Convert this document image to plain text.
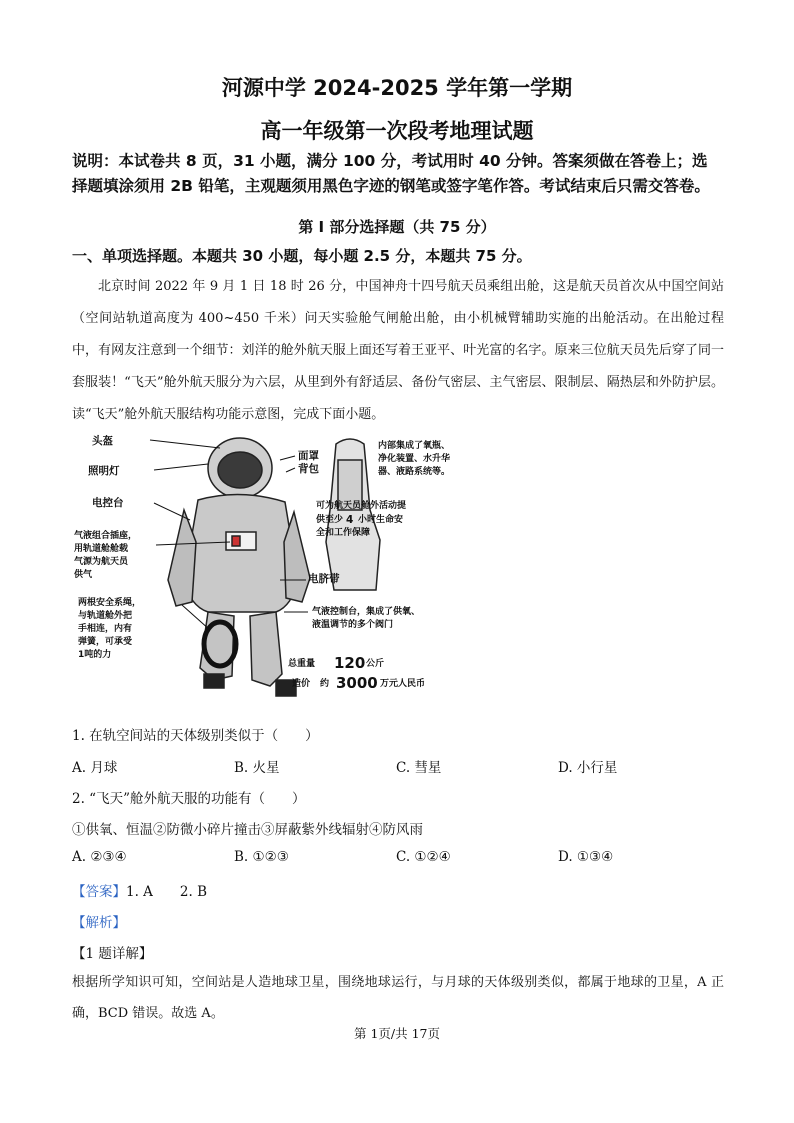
河源中学 2024-2025 学年第一学期
高一年级第一次段考地理试题
说明：本试卷共 8 页，31 小题，满分 100 分，考试用时 40 分钟。答案须做在答卷上；选择题填涂须用 2B 铅笔，主观题须用黑色字迹的钢笔或签字笔作答。考试结束后只需交答卷。
第 I 部分选择题（共 75 分）
一、单项选择题。本题共 30 小题，每小题 2.5 分，本题共 75 分。
北京时间 2022 年 9 月 1 日 18 时 26 分，中国神舟十四号航天员乘组出舱，这是航天员首次从中国空间站（空间站轨道高度为 400~450 千米）问天实验舱气闸舱出舱，由小机械臂辅助实施的出舱活动。在出舱过程中，有网友注意到一个细节：刘洋的舱外航天服上面还写着王亚平、叶光富的名字。原来三位航天员先后穿了同一套服装！“飞天”舱外航天服分为六层，从里到外有舒适层、备份气密层、主气密层、限制层、隔热层和外防护层。读“飞天”舱外航天服结构功能示意图，完成下面小题。
头盔
照明灯
电控台
气液组合插座，
用轨道舱舱载
气源为航天员
供气
两根安全系绳，
与轨道舱外把
手相连，内有
弹簧，可承受
1吨的力
面罩
背包
内部集成了氧瓶、
净化装置、水升华
器、液路系统等。
可为航天员舱外活动提
供至少 4 小时生命安
全和工作保障
电脐带
气液控制台，集成了供氧、
液温调节的多个阀门
总重量 120 公斤
造价 约 3000 万元人民币
1. 在轨空间站的天体级别类似于（　　）
A. 月球	B. 火星	C. 彗星	D. 小行星
2. “飞天”舱外航天服的功能有（　　）
①供氧、恒温②防微小碎片撞击③屏蔽紫外线辐射④防风雨
A. ②③④	B. ①②③	C. ①②④	D. ①③④
【答案】1. A　　2. B
【解析】
【1 题详解】
根据所学知识可知，空间站是人造地球卫星，围绕地球运行，与月球的天体级别类似，都属于地球的卫星，A 正确，BCD 错误。故选 A。
第 1页/共 17页
